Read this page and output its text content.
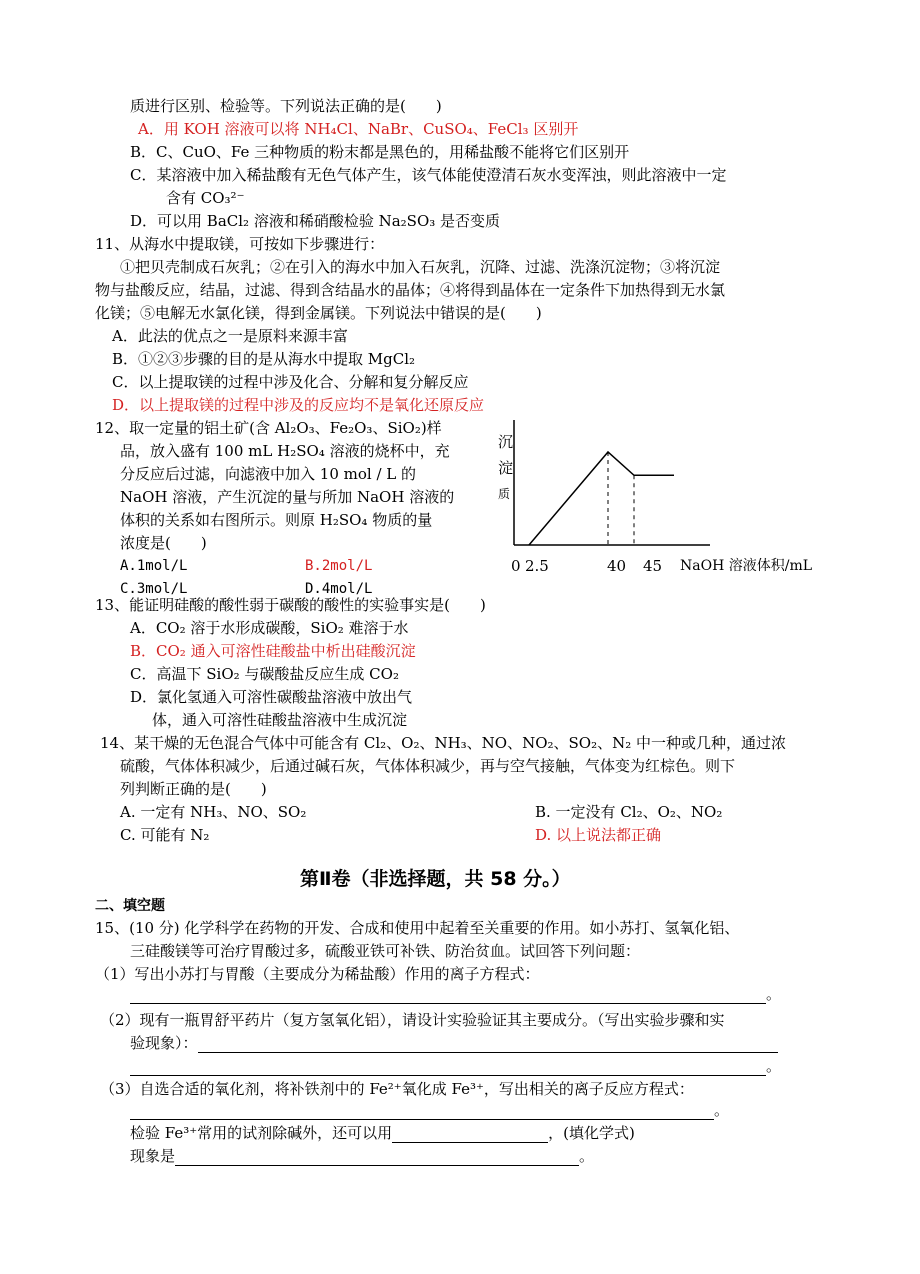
质进行区别、检验等。下列说法正确的是(　　)
A．用 KOH 溶液可以将 NH₄Cl、NaBr、CuSO₄、FeCl₃ 区别开
B．C、CuO、Fe 三种物质的粉末都是黑色的，用稀盐酸不能将它们区别开
C．某溶液中加入稀盐酸有无色气体产生，该气体能使澄清石灰水变浑浊，则此溶液中一定
含有 CO₃²⁻
D．可以用 BaCl₂ 溶液和稀硝酸检验 Na₂SO₃ 是否变质
11、从海水中提取镁，可按如下步骤进行：
①把贝壳制成石灰乳；②在引入的海水中加入石灰乳，沉降、过滤、洗涤沉淀物；③将沉淀
物与盐酸反应，结晶，过滤、得到含结晶水的晶体；④将得到晶体在一定条件下加热得到无水氯
化镁；⑤电解无水氯化镁，得到金属镁。下列说法中错误的是(　　)
A．此法的优点之一是原料来源丰富
B．①②③步骤的目的是从海水中提取 MgCl₂
C．以上提取镁的过程中涉及化合、分解和复分解反应
D．以上提取镁的过程中涉及的反应均不是氧化还原反应
12、取一定量的铝土矿(含 Al₂O₃、Fe₂O₃、SiO₂)样
品，放入盛有 100 mL H₂SO₄ 溶液的烧杯中，充
分反应后过滤，向滤液中加入 10 mol / L 的
NaOH 溶液，产生沉淀的量与所加 NaOH 溶液的
体积的关系如右图所示。则原 H₂SO₄ 物质的量
浓度是(　　)
A.1mol/L	B.2mol/L
C.3mol/L	D.4mol/L
沉
淀
质
0 2.5	40 45 NaOH 溶液体积/mL
13、能证明硅酸的酸性弱于碳酸的酸性的实验事实是(　　)
A．CO₂ 溶于水形成碳酸，SiO₂ 难溶于水
B．CO₂ 通入可溶性硅酸盐中析出硅酸沉淀
C．高温下 SiO₂ 与碳酸盐反应生成 CO₂
D．氯化氢通入可溶性碳酸盐溶液中放出气
体，通入可溶性硅酸盐溶液中生成沉淀
14、某干燥的无色混合气体中可能含有 Cl₂、O₂、NH₃、NO、NO₂、SO₂、N₂ 中一种或几种，通过浓
硫酸，气体体积减少，后通过碱石灰，气体体积减少，再与空气接触，气体变为红棕色。则下
列判断正确的是(　　)
A. 一定有 NH₃、NO、SO₂	B. 一定没有 Cl₂、O₂、NO₂
C. 可能有 N₂	D. 以上说法都正确
第Ⅱ卷（非选择题，共 58 分。）
二、填空题
15、(10 分) 化学科学在药物的开发、合成和使用中起着至关重要的作用。如小苏打、氢氧化铝、
三硅酸镁等可治疗胃酸过多，硫酸亚铁可补铁、防治贫血。试回答下列问题：
（1）写出小苏打与胃酸（主要成分为稀盐酸）作用的离子方程式：
。
（2）现有一瓶胃舒平药片（复方氢氧化铝），请设计实验验证其主要成分。（写出实验步骤和实
验现象）：
。
（3）自选合适的氧化剂，将补铁剂中的 Fe²⁺氧化成 Fe³⁺，写出相关的离子反应方程式：
。
检验 Fe³⁺常用的试剂除碱外，还可以用	，(填化学式)
现象是	。
